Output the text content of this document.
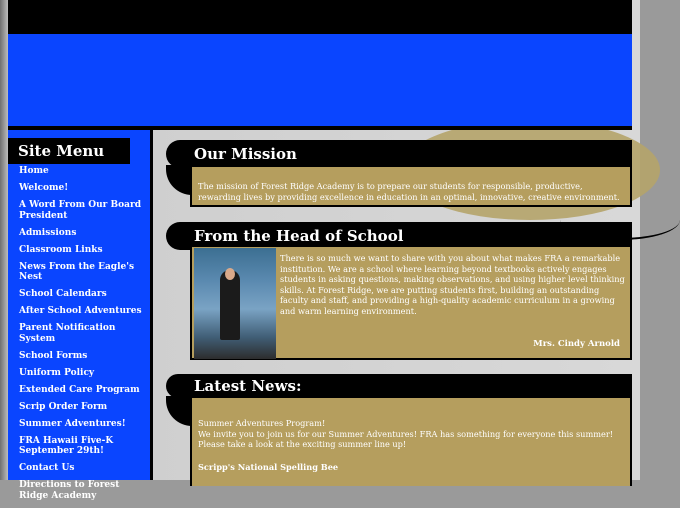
Site Menu
Home
Welcome!
A Word From Our Board President
Admissions
Classroom Links
News From the Eagle's Nest
School Calendars
After School Adventures
Parent Notification System
School Forms
Uniform Policy
Extended Care Program
Scrip Order Form
Summer Adventures!
FRA Hawaii Five-K September 29th!
Contact Us
Directions to Forest Ridge Academy
Our Mission

The mission of Forest Ridge Academy is to prepare our students for responsible, productive, rewarding lives by providing excellence in education in an optimal, innovative, creative environment.

From the Head of School

There is so much we want to share with you about what makes FRA a remarkable institution. We are a school where learning beyond textbooks actively engages students in asking questions, making observations, and using higher level thinking skills. At Forest Ridge, we are putting students first, building an outstanding faculty and staff, and providing a high-quality academic curriculum in a growing and warm learning environment.

Mrs. Cindy Arnold
Latest News:

Summer Adventures Program!

We invite you to join us for our Summer Adventures! FRA has something for everyone this summer! Please take a look at the exciting summer line up!

Scripp's National Spelling Bee
